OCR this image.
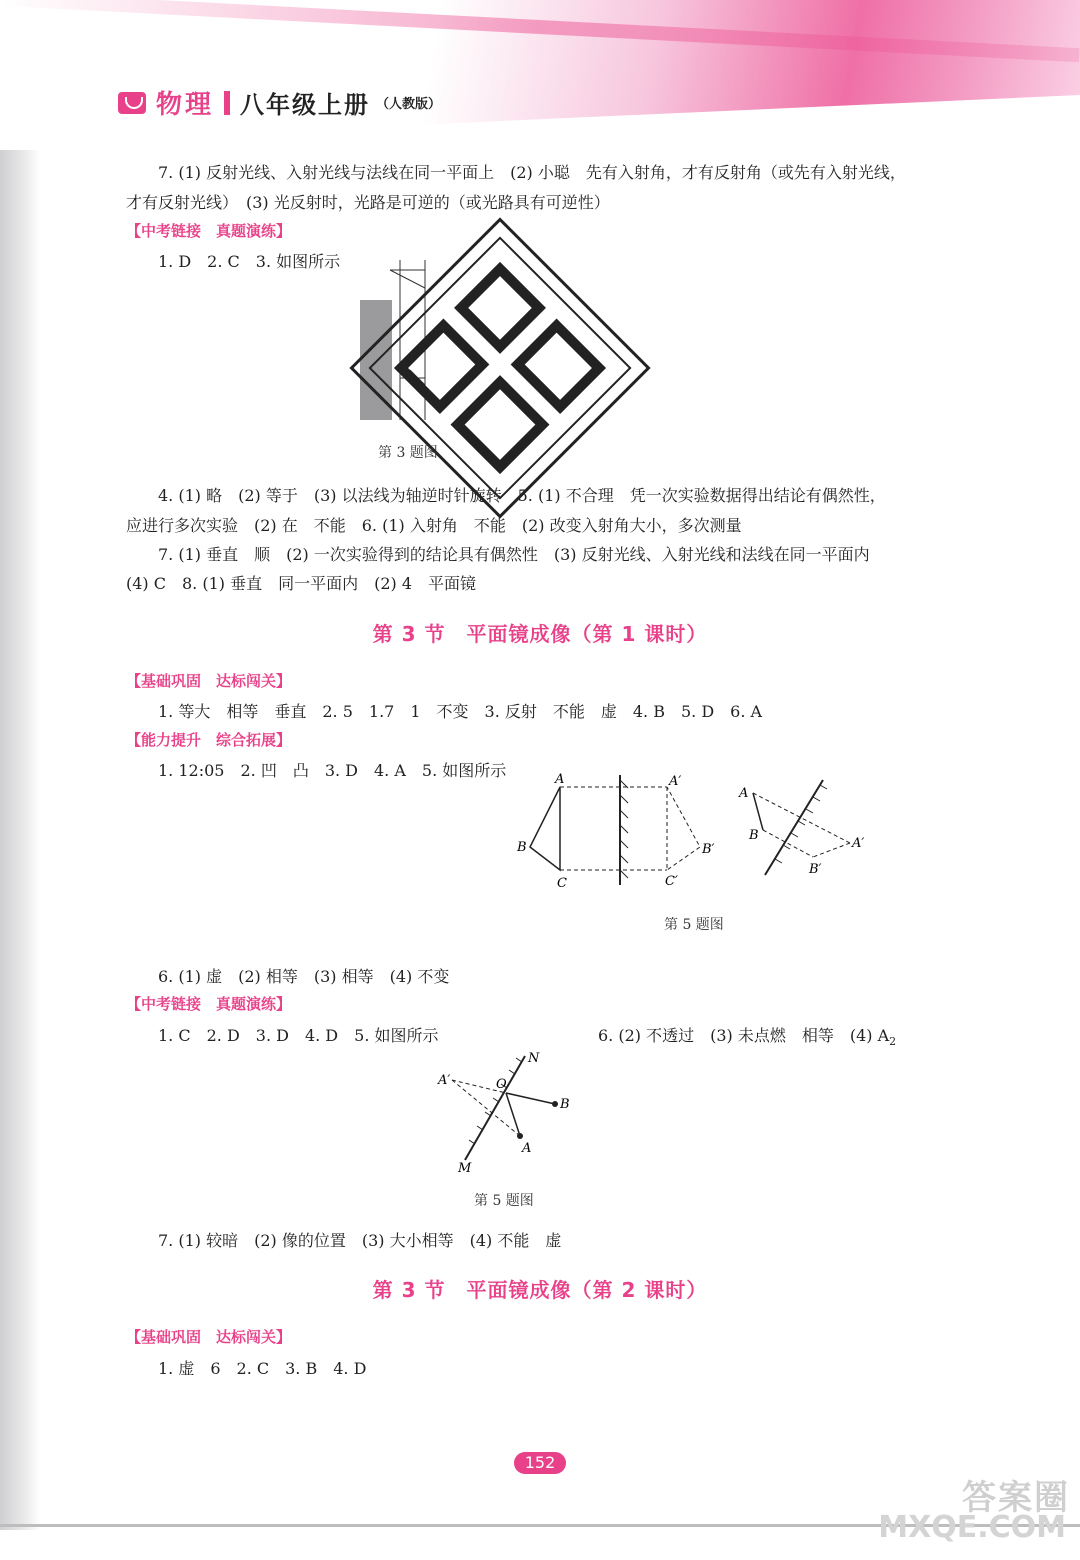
物理 八年级上册 （人教版）
7. (1) 反射光线、入射光线与法线在同一平面上　(2) 小聪　先有入射角，才有反射角（或先有入射光线，
才有反射光线）　(3) 光反射时，光路是可逆的（或光路具有可逆性）
【中考链接　真题演练】
1. D　2. C　3. 如图所示
第 3 题图
4. (1) 略　(2) 等于　(3) 以法线为轴逆时针旋转　5. (1) 不合理　凭一次实验数据得出结论有偶然性，
应进行多次实验　(2) 在　不能　6. (1) 入射角　不能　(2) 改变入射角大小，多次测量
7. (1) 垂直　顺　(2) 一次实验得到的结论具有偶然性　(3) 反射光线、入射光线和法线在同一平面内
(4) C　8. (1) 垂直　同一平面内　(2) 4　平面镜
第 3 节　平面镜成像（第 1 课时）
【基础巩固　达标闯关】
1. 等大　相等　垂直　2. 5　1.7　1　不变　3. 反射　不能　虚　4. B　5. D　6. A
【能力提升　综合拓展】
1. 12:05　2. 凹　凸　3. D　4. A　5. 如图所示	A
B
C
A′
B′
C′
A
B
A′
B′
第 5 题图
6. (1) 虚　(2) 相等　(3) 相等　(4) 不变
【中考链接　真题演练】
1. C　2. D　3. D　4. D　5. 如图所示	6. (2) 不透过　(3) 未点燃　相等　(4) $A_2$
A′	O
N
B
A
M
第 5 题图
7. (1) 较暗　(2) 像的位置　(3) 大小相等　(4) 不能　虚
第 3 节　平面镜成像（第 2 课时）
【基础巩固　达标闯关】
1. 虚　6　2. C　3. B　4. D
152
答案圈
MXQE.COM
